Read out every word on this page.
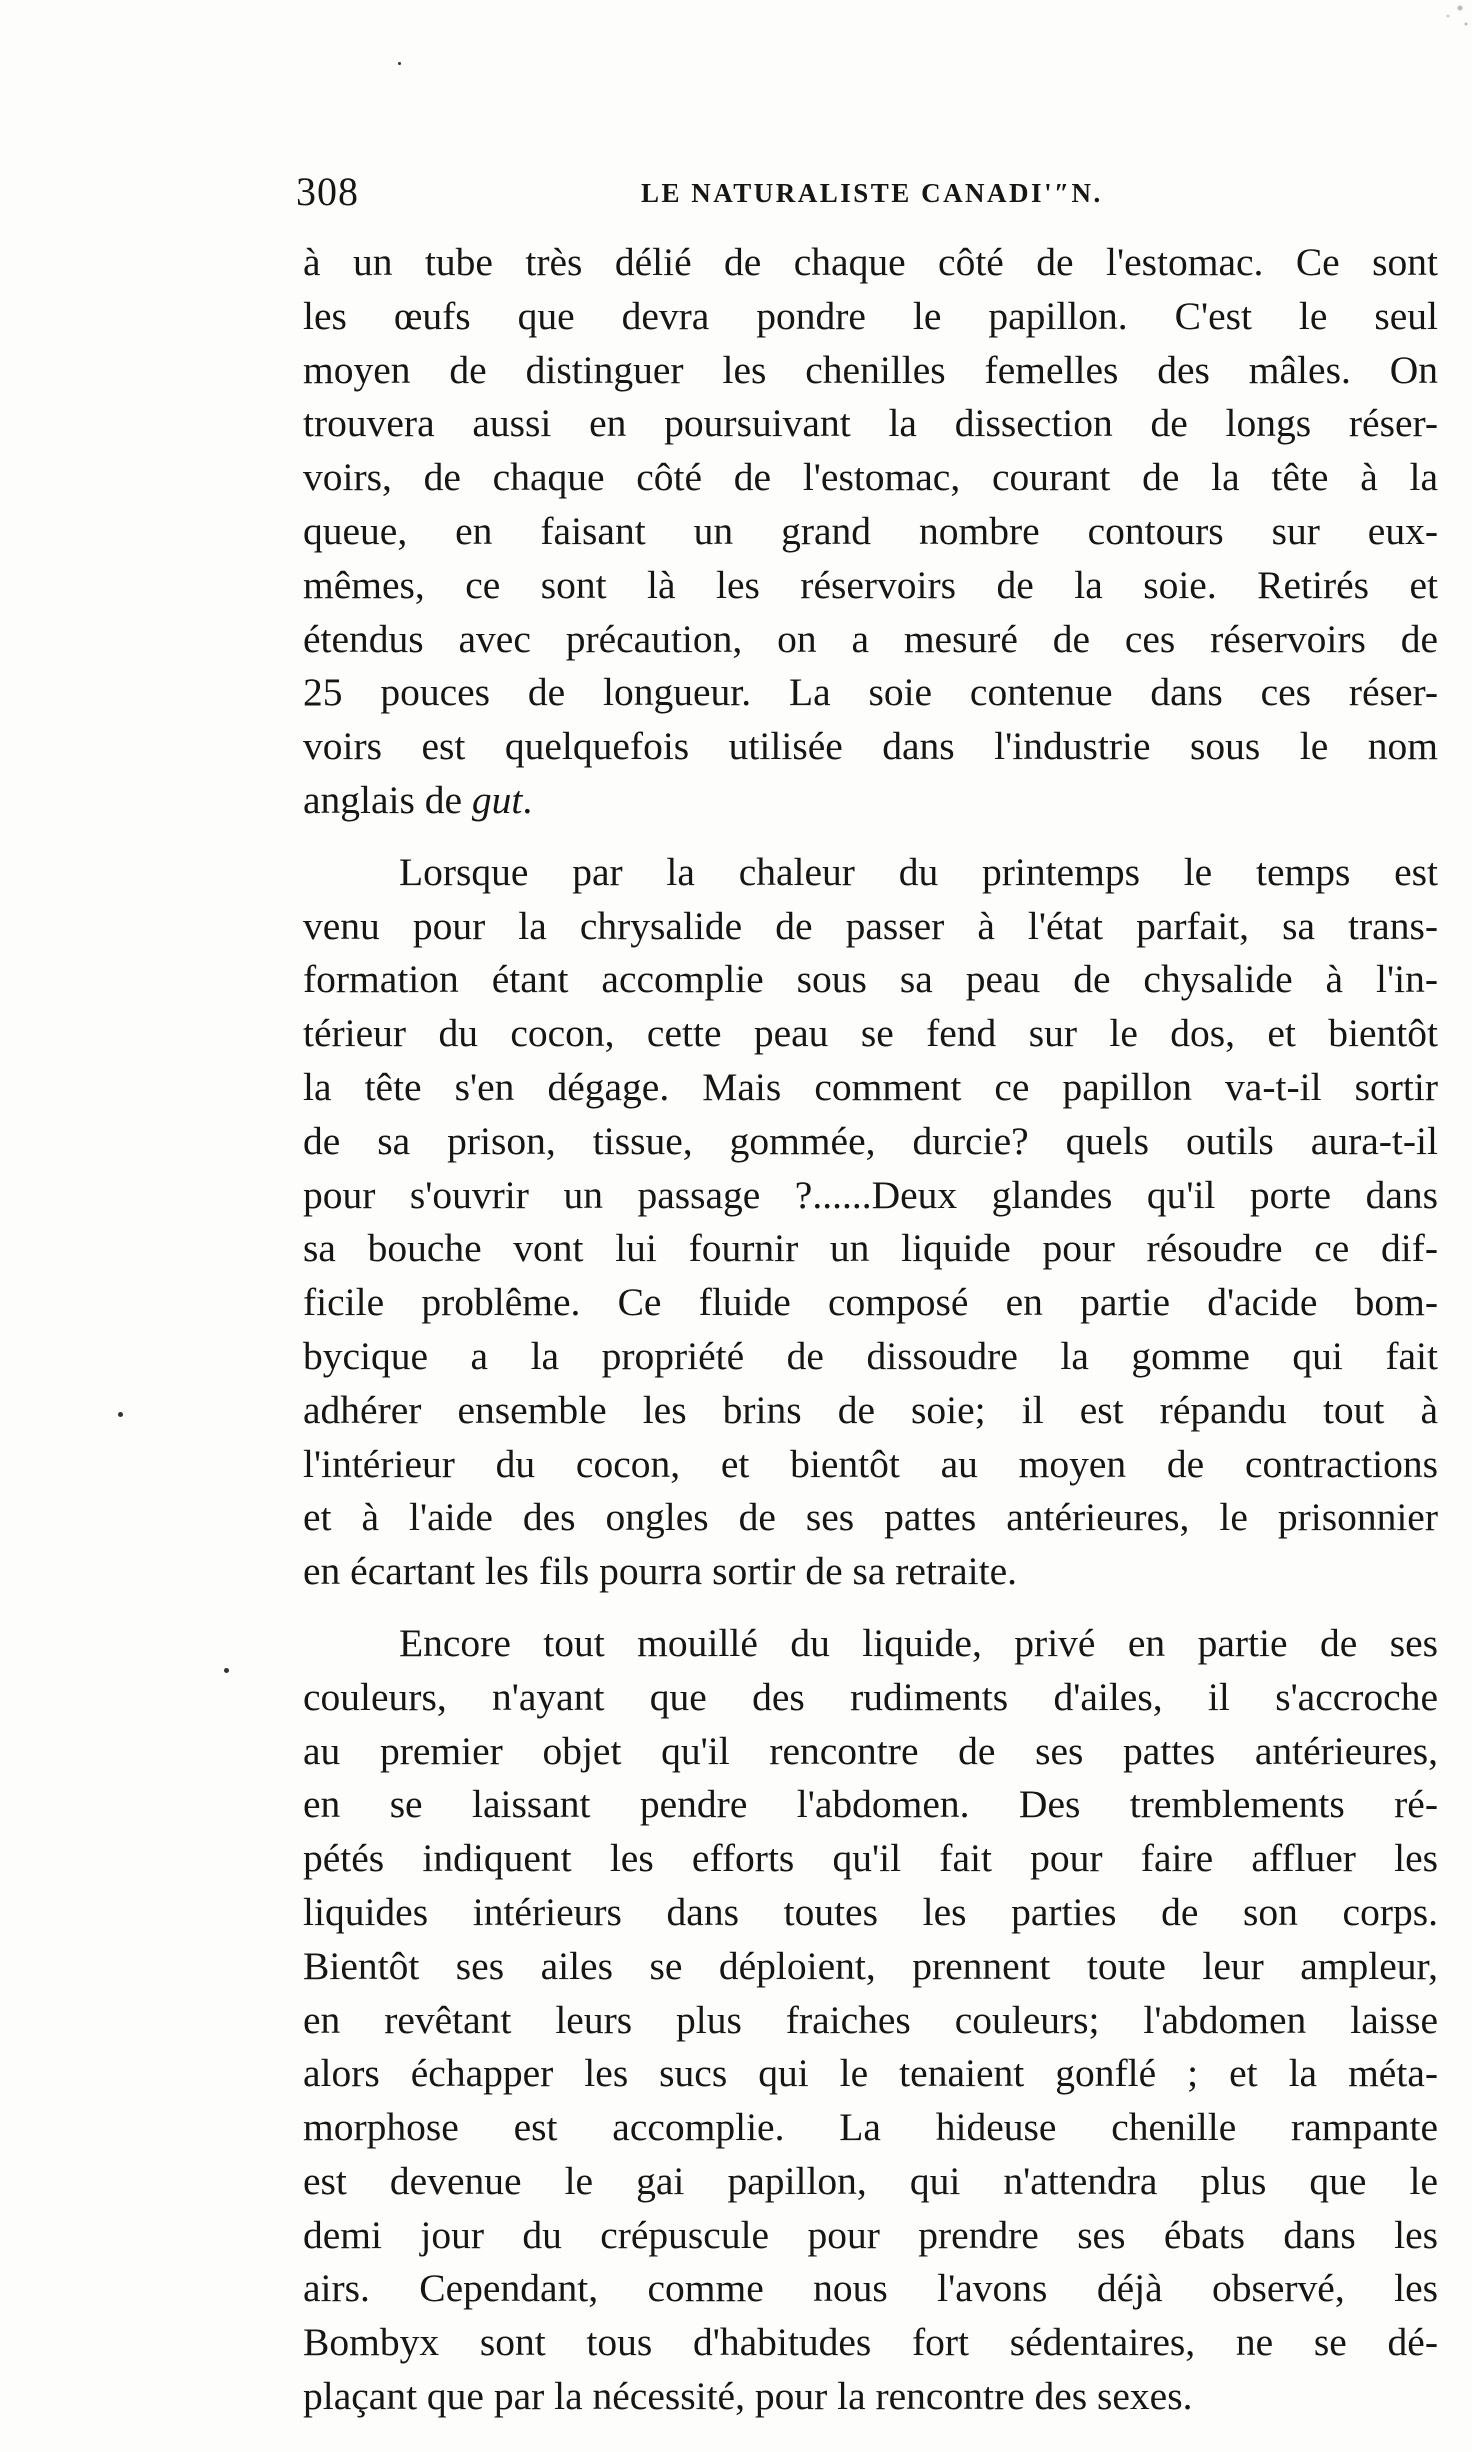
308	LE NATURALISTE CANADI'″N.
à un tube très délié de chaque côté de l'estomac. Ce sont
les œufs que devra pondre le papillon. C'est le seul
moyen de distinguer les chenilles femelles des mâles. On
trouvera aussi en poursuivant la dissection de longs réser-
voirs, de chaque côté de l'estomac, courant de la tête à la
queue, en faisant un grand nombre contours sur eux-
mêmes, ce sont là les réservoirs de la soie. Retirés et
étendus avec précaution, on a mesuré de ces réservoirs de
25 pouces de longueur. La soie contenue dans ces réser-
voirs est quelquefois utilisée dans l'industrie sous le nom
anglais de gut.
Lorsque par la chaleur du printemps le temps est
venu pour la chrysalide de passer à l'état parfait, sa trans-
formation étant accomplie sous sa peau de chysalide à l'in-
térieur du cocon, cette peau se fend sur le dos, et bientôt
la tête s'en dégage. Mais comment ce papillon va-t-il sortir
de sa prison, tissue, gommée, durcie? quels outils aura-t-il
pour s'ouvrir un passage ?......Deux glandes qu'il porte dans
sa bouche vont lui fournir un liquide pour résoudre ce dif-
ficile problême. Ce fluide composé en partie d'acide bom-
bycique a la propriété de dissoudre la gomme qui fait
adhérer ensemble les brins de soie; il est répandu tout à
l'intérieur du cocon, et bientôt au moyen de contractions
et à l'aide des ongles de ses pattes antérieures, le prisonnier
en écartant les fils pourra sortir de sa retraite.
Encore tout mouillé du liquide, privé en partie de ses
couleurs, n'ayant que des rudiments d'ailes, il s'accroche
au premier objet qu'il rencontre de ses pattes antérieures,
en se laissant pendre l'abdomen. Des tremblements ré-
pétés indiquent les efforts qu'il fait pour faire affluer les
liquides intérieurs dans toutes les parties de son corps.
Bientôt ses ailes se déploient, prennent toute leur ampleur,
en revêtant leurs plus fraiches couleurs; l'abdomen laisse
alors échapper les sucs qui le tenaient gonflé ; et la méta-
morphose est accomplie. La hideuse chenille rampante
est devenue le gai papillon, qui n'attendra plus que le
demi jour du crépuscule pour prendre ses ébats dans les
airs. Cependant, comme nous l'avons déjà observé, les
Bombyx sont tous d'habitudes fort sédentaires, ne se dé-
plaçant que par la nécessité, pour la rencontre des sexes.
